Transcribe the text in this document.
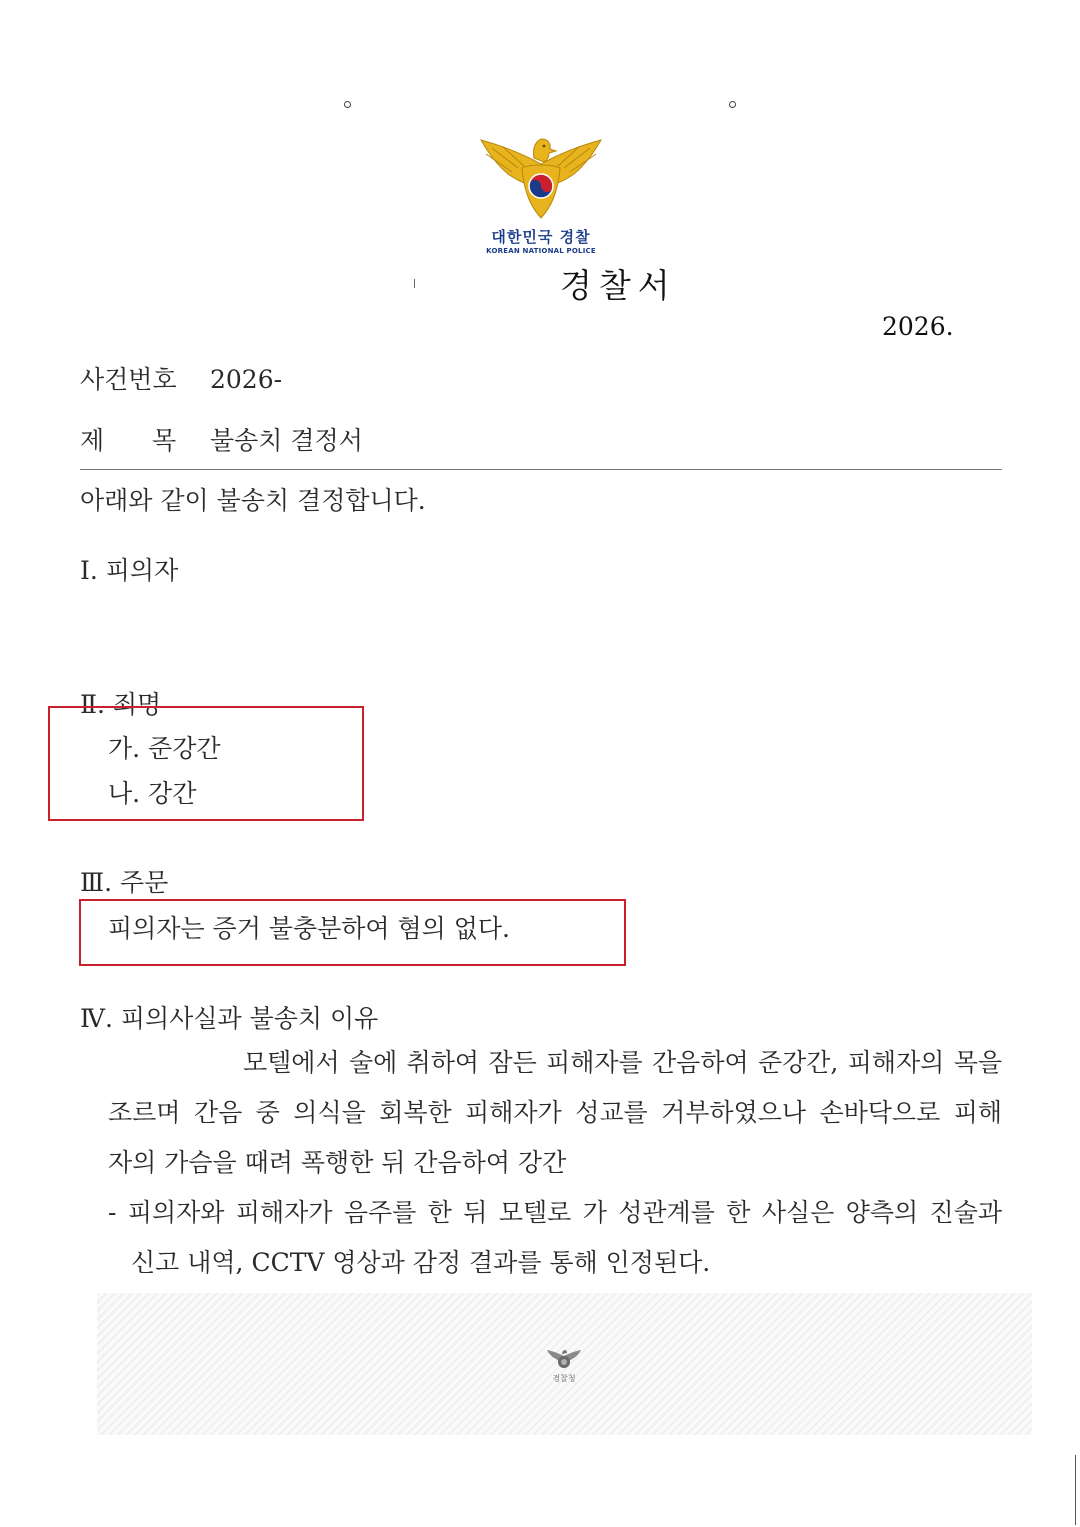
대한민국 경찰
KOREAN NATIONAL POLICE
경찰서
2026.
사건번호 2026-
제 목 불송치 결정서
아래와 같이 불송치 결정합니다.
Ⅰ. 피의자
Ⅱ. 죄명
가. 준강간
나. 강간
Ⅲ. 주문
피의자는 증거 불충분하여 혐의 없다.
Ⅳ. 피의사실과 불송치 이유
모텔에서 술에 취하여 잠든 피해자를 간음하여 준강간, 피해자의 목을
조르며 간음 중 의식을 회복한 피해자가 성교를 거부하였으나 손바닥으로 피해
자의 가슴을 때려 폭행한 뒤 간음하여 강간
- 피의자와 피해자가 음주를 한 뒤 모텔로 가 성관계를 한 사실은 양측의 진술과
신고 내역, CCTV 영상과 감정 결과를 통해 인정된다.
경찰청
